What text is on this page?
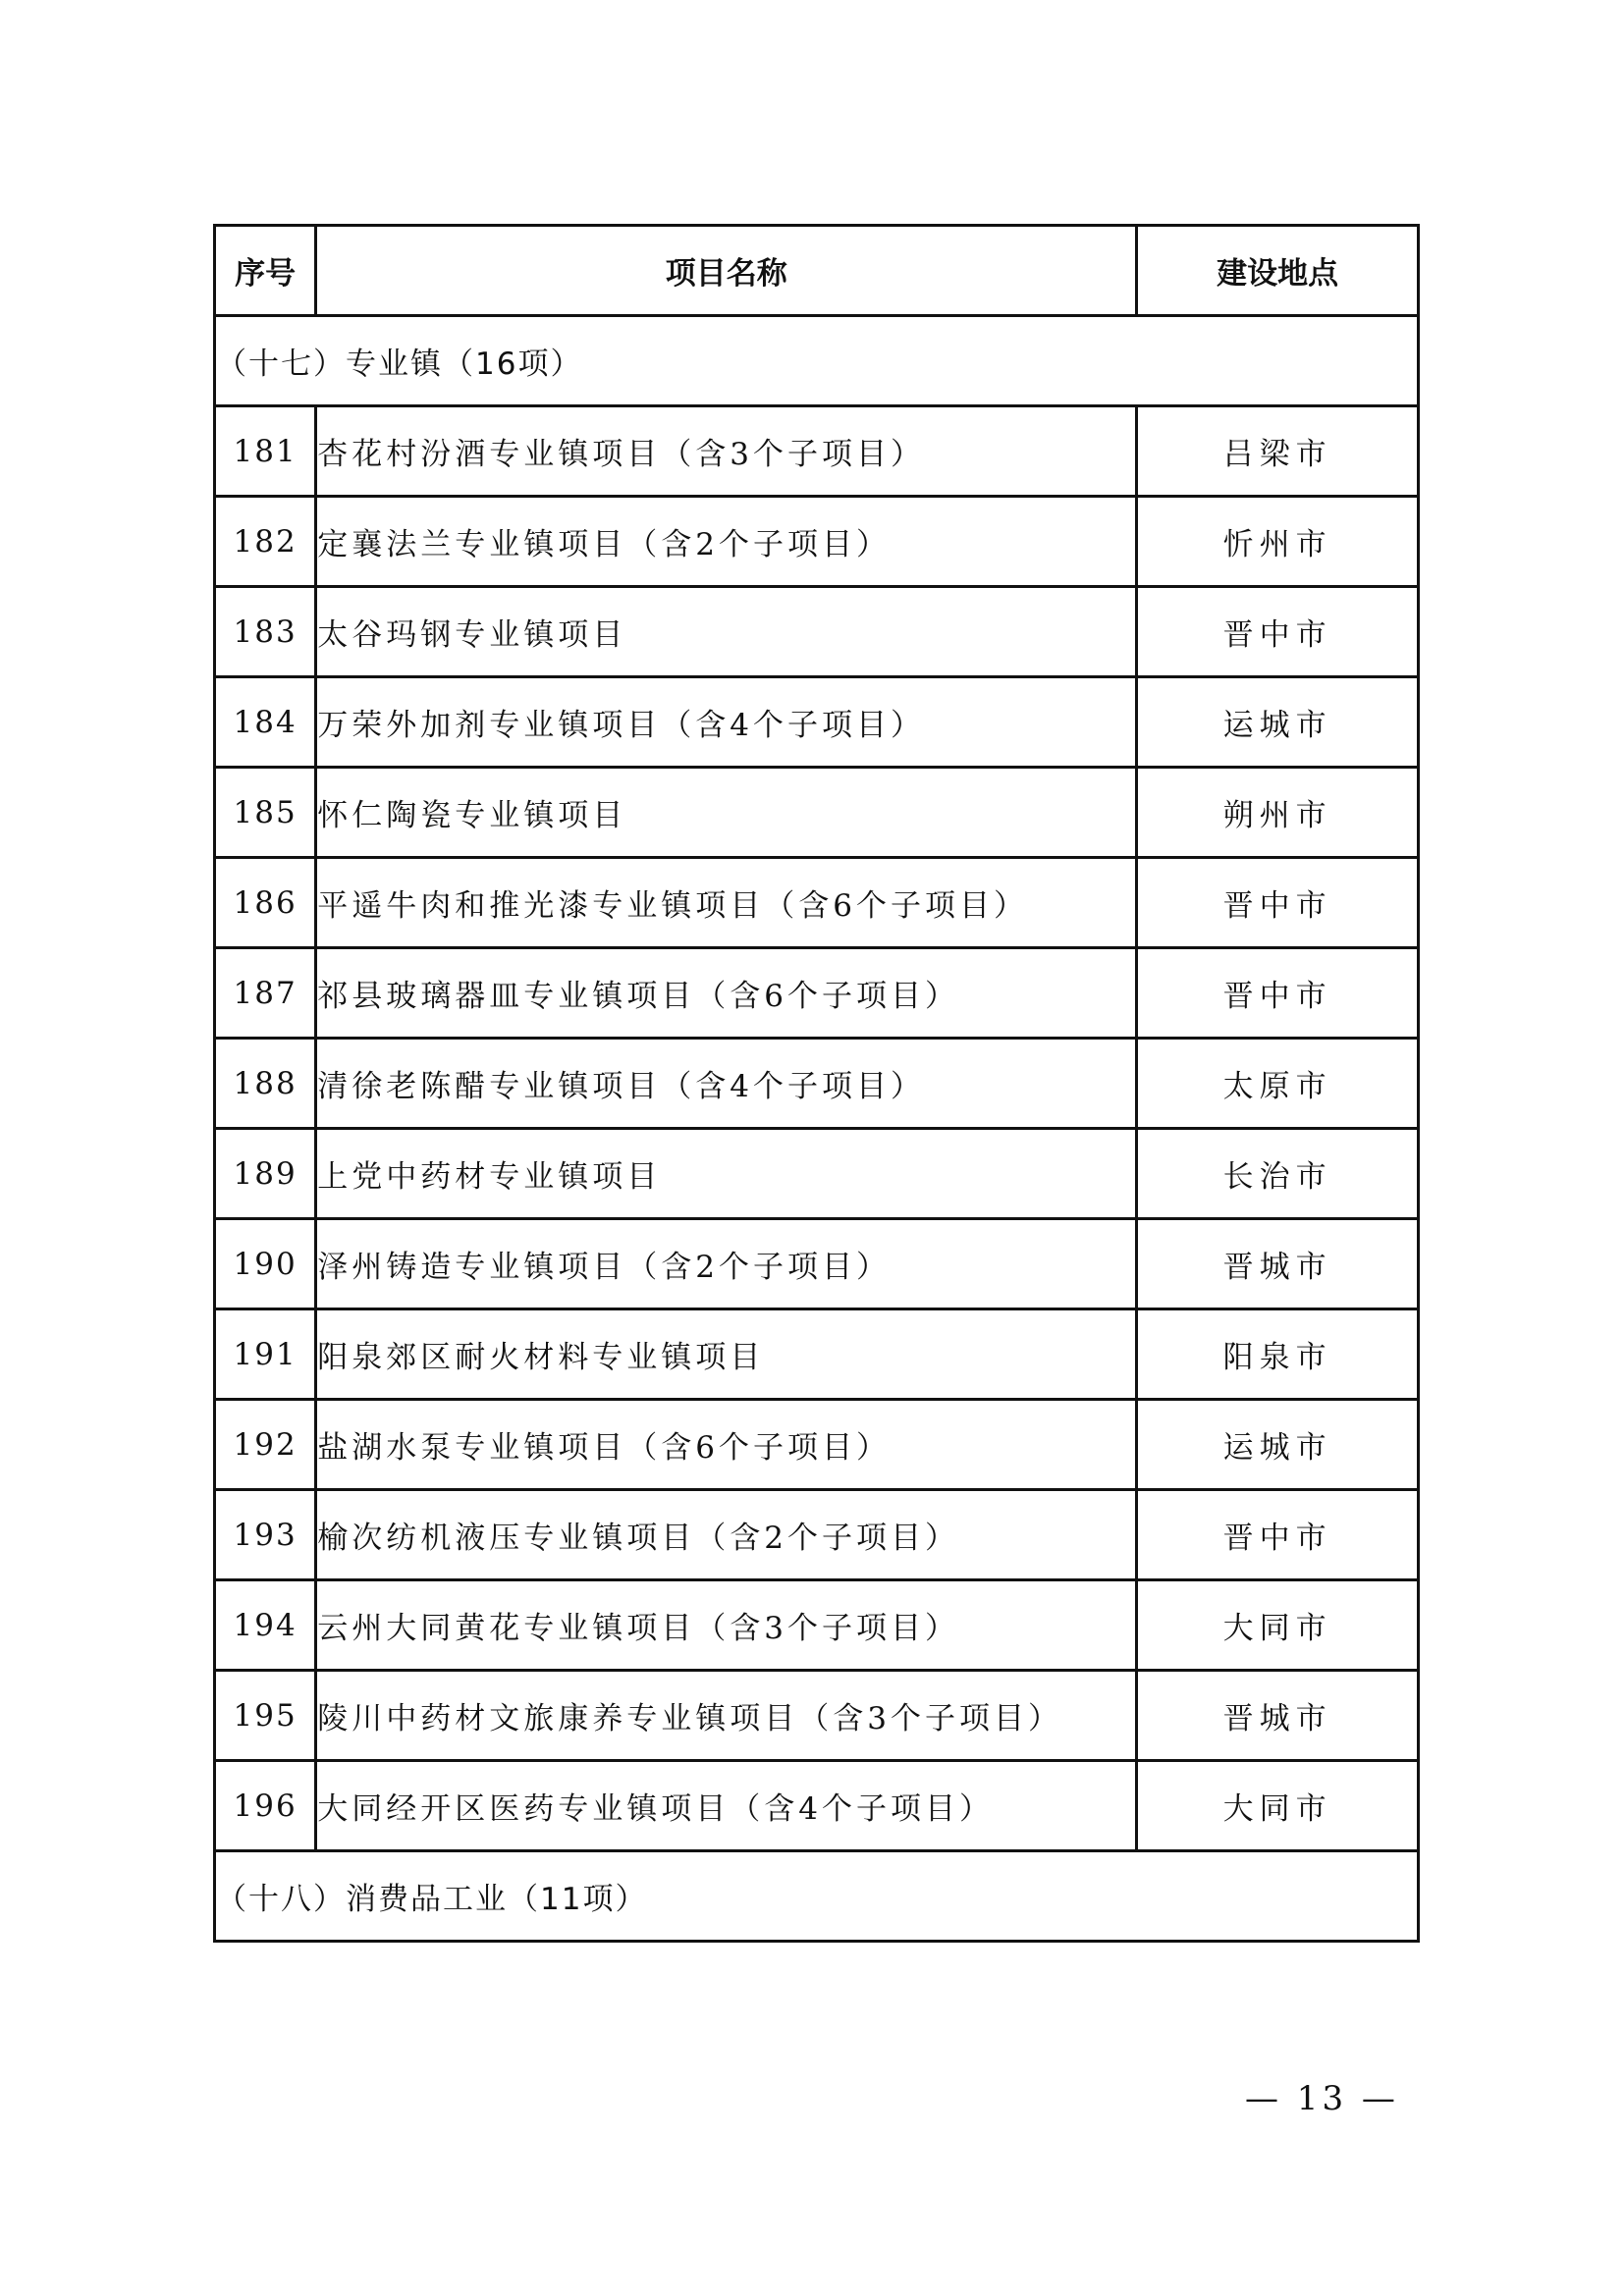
序号	项目名称	建设地点
（十七）专业镇（16项）		
181	杏花村汾酒专业镇项目（含3个子项目）	吕梁市
182	定襄法兰专业镇项目（含2个子项目）	忻州市
183	太谷玛钢专业镇项目	晋中市
184	万荣外加剂专业镇项目（含4个子项目）	运城市
185	怀仁陶瓷专业镇项目	朔州市
186	平遥牛肉和推光漆专业镇项目（含6个子项目）	晋中市
187	祁县玻璃器皿专业镇项目（含6个子项目）	晋中市
188	清徐老陈醋专业镇项目（含4个子项目）	太原市
189	上党中药材专业镇项目	长治市
190	泽州铸造专业镇项目（含2个子项目）	晋城市
191	阳泉郊区耐火材料专业镇项目	阳泉市
192	盐湖水泵专业镇项目（含6个子项目）	运城市
193	榆次纺机液压专业镇项目（含2个子项目）	晋中市
194	云州大同黄花专业镇项目（含3个子项目）	大同市
195	陵川中药材文旅康养专业镇项目（含3个子项目）	晋城市
196	大同经开区医药专业镇项目（含4个子项目）	大同市
（十八）消费品工业（11项）		
— 13 —
